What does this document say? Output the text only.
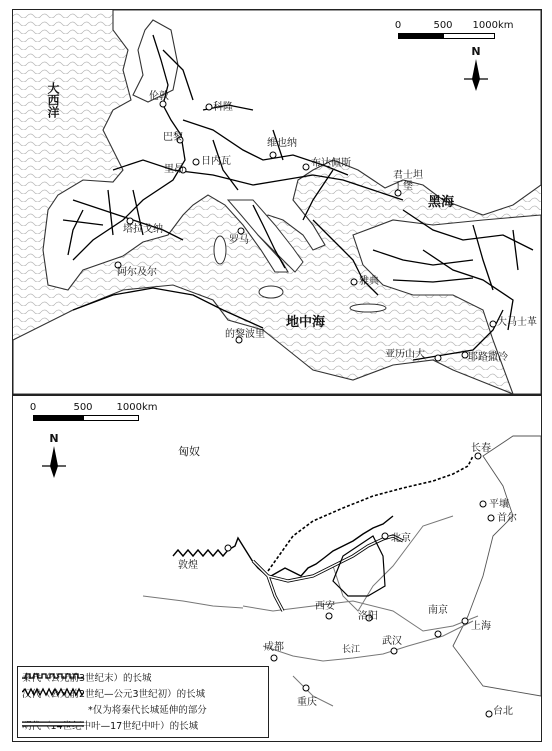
0	500 1000km
N
大西洋	伦敦
科隆
巴黎
维也纳
日内瓦
里昂
布达佩斯
君士坦丁堡
黑海
塔拉戈纳
罗马
雅典
阿尔及尔
地中海
的黎波里
亚历山大	耶路撒冷
大马士革
0	500 1000km
N
匈奴	长春
平壤
首尔
北京
敦煌
西安
洛阳
南京
上海
成都
武汉
长江
重庆
台北
秦代（公元前3世纪末）的长城
汉代（公元前2世纪—公元3世纪初）的长城
*仅为将秦代长城延伸的部分
明代（14世纪中叶—17世纪中叶）的长城
